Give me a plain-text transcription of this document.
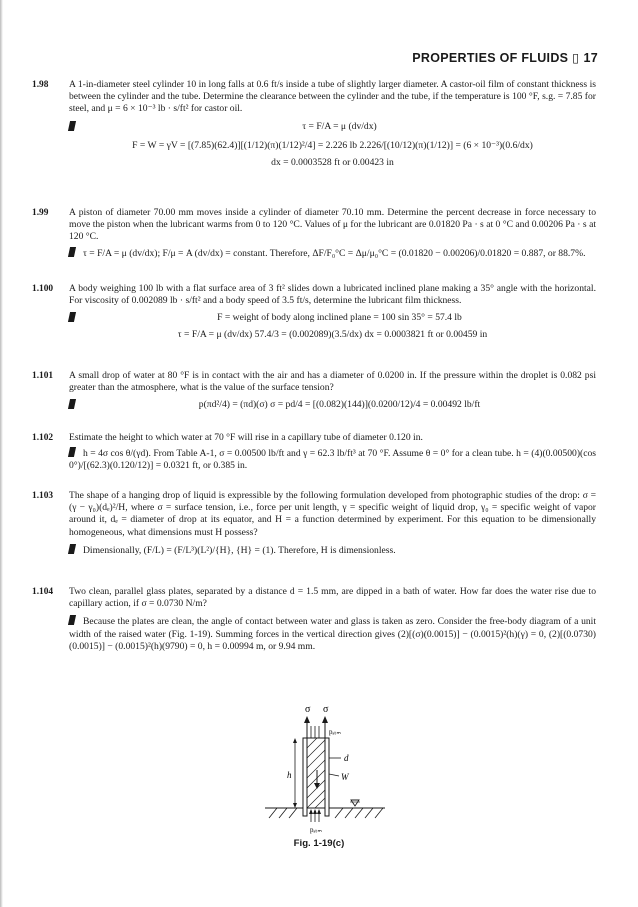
PROPERTIES OF FLUIDS ▯ 17
1.98	A 1-in-diameter steel cylinder 10 in long falls at 0.6 ft/s inside a tube of slightly larger diameter. A castor-oil film of constant thickness is between the cylinder and the tube. Determine the clearance between the cylinder and the tube, if the temperature is 100 °F, s.g. = 7.85 for steel, and μ = 6 × 10⁻³ lb · s/ft² for castor oil.
τ = F/A = μ (dv/dx)
F = W = γV = [(7.85)(62.4)][(1/12)(π)(1/12)²/4] = 2.226 lb 2.226/[(10/12)(π)(1/12)] = (6 × 10⁻³)(0.6/dx)
dx = 0.0003528 ft or 0.00423 in
1.99	A piston of diameter 70.00 mm moves inside a cylinder of diameter 70.10 mm. Determine the percent decrease in force necessary to move the piston when the lubricant warms from 0 to 120 °C. Values of μ for the lubricant are 0.01820 Pa · s at 0 °C and 0.00206 Pa · s at 120 °C.
τ = F/A = μ (dv/dx); F/μ = A (dv/dx) = constant. Therefore, ΔF/F₀°C = Δμ/μ₀°C = (0.01820 − 0.00206)/0.01820 = 0.887, or 88.7%.
1.100	A body weighing 100 lb with a flat surface area of 3 ft² slides down a lubricated inclined plane making a 35° angle with the horizontal. For viscosity of 0.002089 lb · s/ft² and a body speed of 3.5 ft/s, determine the lubricant film thickness.
F = weight of body along inclined plane = 100 sin 35° = 57.4 lb
τ = F/A = μ (dv/dx) 57.4/3 = (0.002089)(3.5/dx) dx = 0.0003821 ft or 0.00459 in
1.101	A small drop of water at 80 °F is in contact with the air and has a diameter of 0.0200 in. If the pressure within the droplet is 0.082 psi greater than the atmosphere, what is the value of the surface tension?
p(πd²/4) = (πd)(σ) σ = pd/4 = [(0.082)(144)](0.0200/12)/4 = 0.00492 lb/ft
1.102	Estimate the height to which water at 70 °F will rise in a capillary tube of diameter 0.120 in.
h = 4σ cos θ/(γd). From Table A-1, σ = 0.00500 lb/ft and γ = 62.3 lb/ft³ at 70 °F. Assume θ = 0° for a clean tube. h = (4)(0.00500)(cos 0°)/[(62.3)(0.120/12)] = 0.0321 ft, or 0.385 in.
1.103	The shape of a hanging drop of liquid is expressible by the following formulation developed from photographic studies of the drop: σ = (γ − γ₀)(dₑ)²/H, where σ = surface tension, i.e., force per unit length, γ = specific weight of liquid drop, γ₀ = specific weight of vapor around it, dₑ = diameter of drop at its equator, and H = a function determined by experiment. For this equation to be dimensionally homogeneous, what dimensions must H possess?
Dimensionally, (F/L) = (F/L³)(L²)/{H}, {H} = (1). Therefore, H is dimensionless.
1.104	Two clean, parallel glass plates, separated by a distance d = 1.5 mm, are dipped in a bath of water. How far does the water rise due to capillary action, if σ = 0.0730 N/m?
Because the plates are clean, the angle of contact between water and glass is taken as zero. Consider the free-body diagram of a unit width of the raised water (Fig. 1-19). Summing forces in the vertical direction gives (2)[(σ)(0.0015)] − (0.0015)²(h)(γ) = 0, (2)[(0.0730)(0.0015)] − (0.0015)²(h)(9790) = 0, h = 0.00994 m, or 9.94 mm.
σ σ
pₐₜₘ
d
W
h
pₐₜₘ
Fig. 1-19(c)
